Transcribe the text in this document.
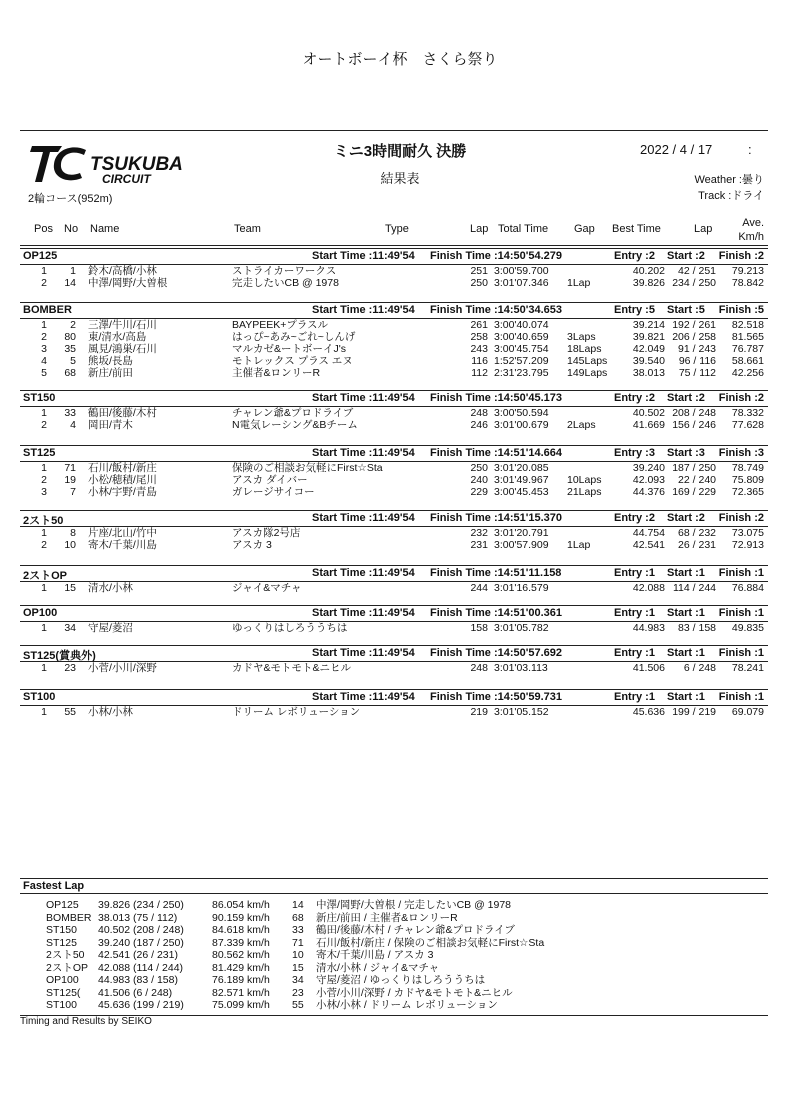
オートボーイ杯　さくら祭り
TSUKUBA
CIRCUIT
2輪コース(952m)
ミニ3時間耐久 決勝
結果表
2022 / 4 / 17	:
Weather :曇り
Track :ドライ
Pos No Name	Team	Type	Lap Total Time Gap Best Time	Lap	Ave.
Km/h
OP125	Start Time :11:49'54 Finish Time :14:50'54.279	Entry :2 Start :2 Finish :2
1 1 鈴木/高橋/小林	ストライカーワークス	251 3:00'59.700	40.202 42 / 251 79.213
2 14 中澤/岡野/大曽根	完走したいCB @ 1978	250 3:01'07.346 1Lap	39.826 234 / 250 78.842
BOMBER	Start Time :11:49'54 Finish Time :14:50'34.653	Entry :5 Start :5 Finish :5
1 2 三澤/牛川/石川	BAYPEEK+プラスル	261 3:00'40.074	39.214 192 / 261 82.518
2 80 東/清水/高島	はっぴ~あみ~ごれ~しんげ	258 3:00'40.659 3Laps	39.821 206 / 258 81.565
3 35 風見/鴻巣/石川	マルカゼ&ートボーイJ's	243 3:00'45.754 18Laps	42.049 91 / 243 76.787
4 5 熊坂/長島	モトレックス プラス エヌ	116 1:52'57.209 145Laps 39.540 96 / 116 58.661
5 68 新庄/前田	主催者&ロンリーR	112 2:31'23.795 149Laps 38.013 75 / 112 42.256
ST150	Start Time :11:49'54 Finish Time :14:50'45.173	Entry :2 Start :2 Finish :2
1 33 鶴田/後藤/木村	チャレン爺&プロドライブ	248 3:00'50.594	40.502 208 / 248 78.332
2 4 岡田/青木	N電気レーシング&Bチーム	246 3:01'00.679 2Laps	41.669 156 / 246 77.628
ST125	Start Time :11:49'54 Finish Time :14:51'14.664	Entry :3 Start :3 Finish :3
1 71 石川/飯村/新庄	保険のご相談お気軽にFirst☆Sta	250 3:01'20.085	39.240 187 / 250 78.749
2 19 小松/穂積/尾川	アスカ ダイバー	240 3:01'49.967 10Laps	42.093 22 / 240 75.809
3 7 小林/宇野/青島	ガレージサイコー	229 3:00'45.453 21Laps	44.376 169 / 229 72.365
2スト50	Start Time :11:49'54 Finish Time :14:51'15.370	Entry :2 Start :2 Finish :2
1 8 片座/北山/竹中	アスカ隊2号店	232 3:01'20.791	44.754 68 / 232 73.075
2 10 寄木/千葉/川島	アスカ 3	231 3:00'57.909 1Lap	42.541 26 / 231 72.913
2ストOP	Start Time :11:49'54 Finish Time :14:51'11.158	Entry :1 Start :1 Finish :1
1 15 清水/小林	ジャイ&マチャ	244 3:01'16.579	42.088 114 / 244 76.884
OP100	Start Time :11:49'54 Finish Time :14:51'00.361	Entry :1 Start :1 Finish :1
1 34 守屋/菱沼	ゆっくりはしろううちは	158 3:01'05.782	44.983 83 / 158 49.835
ST125(賞典外)	Start Time :11:49'54 Finish Time :14:50'57.692	Entry :1 Start :1 Finish :1
1 23 小菅/小川/深野	カドヤ&モトモト&ニヒル	248 3:01'03.113	41.506 6 / 248 78.241
ST100	Start Time :11:49'54 Finish Time :14:50'59.731	Entry :1 Start :1 Finish :1
1 55 小林/小林	ドリーム レボリューション	219 3:01'05.152	45.636 199 / 219 69.079
Fastest Lap
OP125 39.826 (234 / 250)	86.054 km/h 14 中澤/岡野/大曽根 / 完走したいCB @ 1978
BOMBER 38.013 (75 / 112)	90.159 km/h 68 新庄/前田 / 主催者&ロンリーR
ST150 40.502 (208 / 248)	84.618 km/h 33 鶴田/後藤/木村 / チャレン爺&プロドライブ
ST125 39.240 (187 / 250)	87.339 km/h 71 石川/飯村/新庄 / 保険のご相談お気軽にFirst☆Sta
2スト50 42.541 (26 / 231)	80.562 km/h 10 寄木/千葉/川島 / アスカ 3
2ストOP 42.088 (114 / 244)	81.429 km/h 15 清水/小林 / ジャイ&マチャ
OP100 44.983 (83 / 158)	76.189 km/h 34 守屋/菱沼 / ゆっくりはしろううちは
ST125( 41.506 (6 / 248)	82.571 km/h 23 小菅/小川/深野 / カドヤ&モトモト&ニヒル
ST100 45.636 (199 / 219)	75.099 km/h 55 小林/小林 / ドリーム レボリューション
Timing and Results by SEIKO
